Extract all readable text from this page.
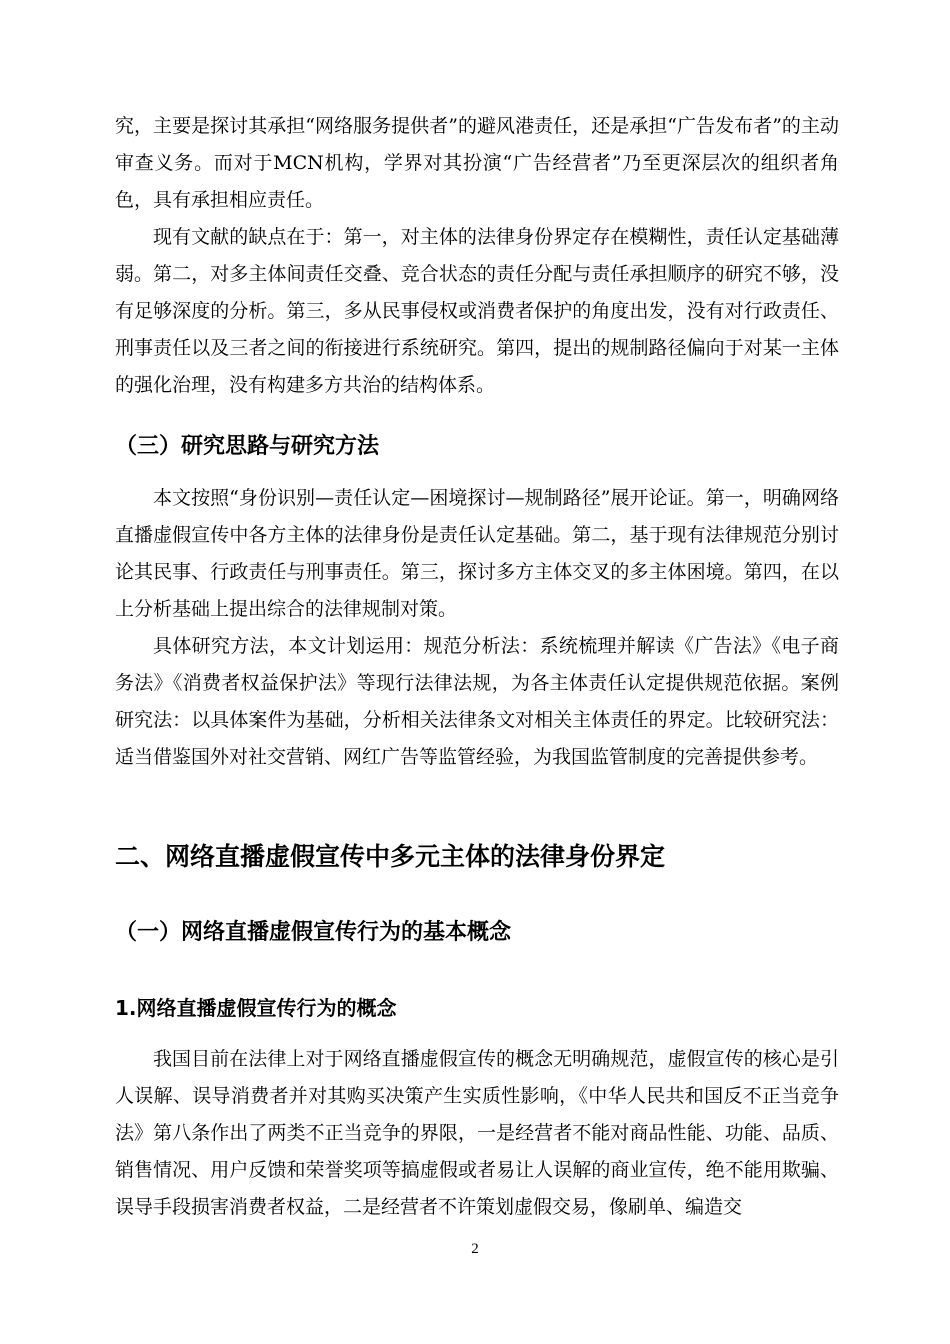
究，主要是探讨其承担“网络服务提供者”的避风港责任，还是承担“广告发布者”的主动审查义务。而对于MCN机构，学界对其扮演“广告经营者”乃至更深层次的组织者角色，具有承担相应责任。

现有文献的缺点在于：第一，对主体的法律身份界定存在模糊性，责任认定基础薄弱。第二，对多主体间责任交叠、竞合状态的责任分配与责任承担顺序的研究不够，没有足够深度的分析。第三，多从民事侵权或消费者保护的角度出发，没有对行政责任、刑事责任以及三者之间的衔接进行系统研究。第四，提出的规制路径偏向于对某一主体的强化治理，没有构建多方共治的结构体系。

（三）研究思路与研究方法

本文按照“身份识别—责任认定—困境探讨—规制路径”展开论证。第一，明确网络直播虚假宣传中各方主体的法律身份是责任认定基础。第二，基于现有法律规范分别讨论其民事、行政责任与刑事责任。第三，探讨多方主体交叉的多主体困境。第四，在以上分析基础上提出综合的法律规制对策。

具体研究方法，本文计划运用：规范分析法：系统梳理并解读《广告法》《电子商务法》《消费者权益保护法》等现行法律法规，为各主体责任认定提供规范依据。案例研究法：以具体案件为基础，分析相关法律条文对相关主体责任的界定。比较研究法：适当借鉴国外对社交营销、网红广告等监管经验，为我国监管制度的完善提供参考。

二、网络直播虚假宣传中多元主体的法律身份界定
（一）网络直播虚假宣传行为的基本概念
1.网络直播虚假宣传行为的概念

我国目前在法律上对于网络直播虚假宣传的概念无明确规范，虚假宣传的核心是引人误解、误导消费者并对其购买决策产生实质性影响，《中华人民共和国反不正当竞争法》第八条作出了两类不正当竞争的界限，一是经营者不能对商品性能、功能、品质、销售情况、用户反馈和荣誉奖项等搞虚假或者易让人误解的商业宣传，绝不能用欺骗、误导手段损害消费者权益，二是经营者不许策划虚假交易，像刷单、编造交

2
